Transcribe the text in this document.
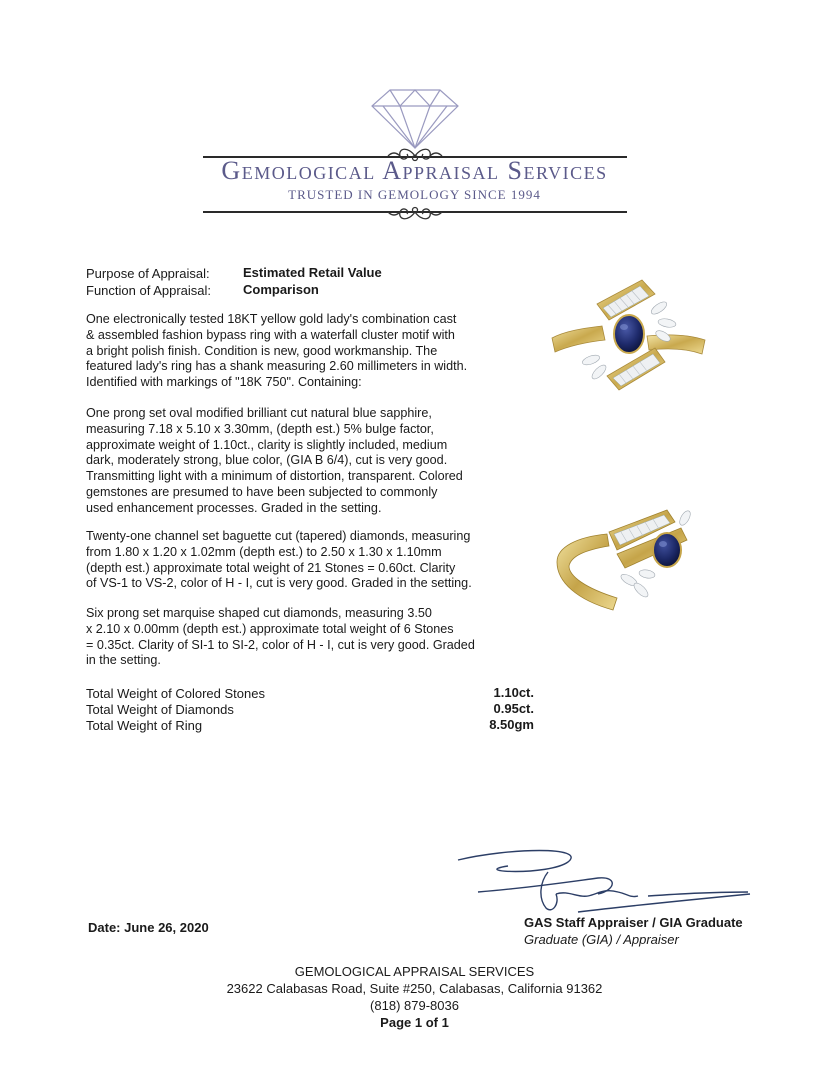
Gemological Appraisal Services
TRUSTED IN GEMOLOGY SINCE 1994
Purpose of Appraisal:	Estimated Retail Value
Function of Appraisal: Comparison
One electronically tested 18KT yellow gold lady's combination cast
& assembled fashion bypass ring with a waterfall cluster motif with
a bright polish finish. Condition is new, good workmanship. The
featured lady's ring has a shank measuring 2.60 millimeters in width.
Identified with markings of "18K 750". Containing:
One prong set oval modified brilliant cut natural blue sapphire,
measuring 7.18 x 5.10 x 3.30mm, (depth est.) 5% bulge factor,
approximate weight of 1.10ct., clarity is slightly included, medium
dark, moderately strong, blue color, (GIA B 6/4), cut is very good.
Transmitting light with a minimum of distortion, transparent. Colored
gemstones are presumed to have been subjected to commonly
used enhancement processes. Graded in the setting.
Twenty-one channel set baguette cut (tapered) diamonds, measuring
from 1.80 x 1.20 x 1.02mm (depth est.) to 2.50 x 1.30 x 1.10mm
(depth est.) approximate total weight of 21 Stones = 0.60ct. Clarity
of VS-1 to VS-2, color of H - I, cut is very good. Graded in the setting.
Six prong set marquise shaped cut diamonds, measuring 3.50
x 2.10 x 0.00mm (depth est.) approximate total weight of 6 Stones
= 0.35ct. Clarity of SI-1 to SI-2, color of H - I, cut is very good. Graded
in the setting.
Total Weight of Colored Stones	1.10ct.
Total Weight of Diamonds	0.95ct.
Total Weight of Ring	8.50gm
Date: June 26, 2020	GAS Staff Appraiser / GIA Graduate
Graduate (GIA) / Appraiser
GEMOLOGICAL APPRAISAL SERVICES
23622 Calabasas Road, Suite #250, Calabasas, California 91362
(818) 879-8036
Page 1 of 1
